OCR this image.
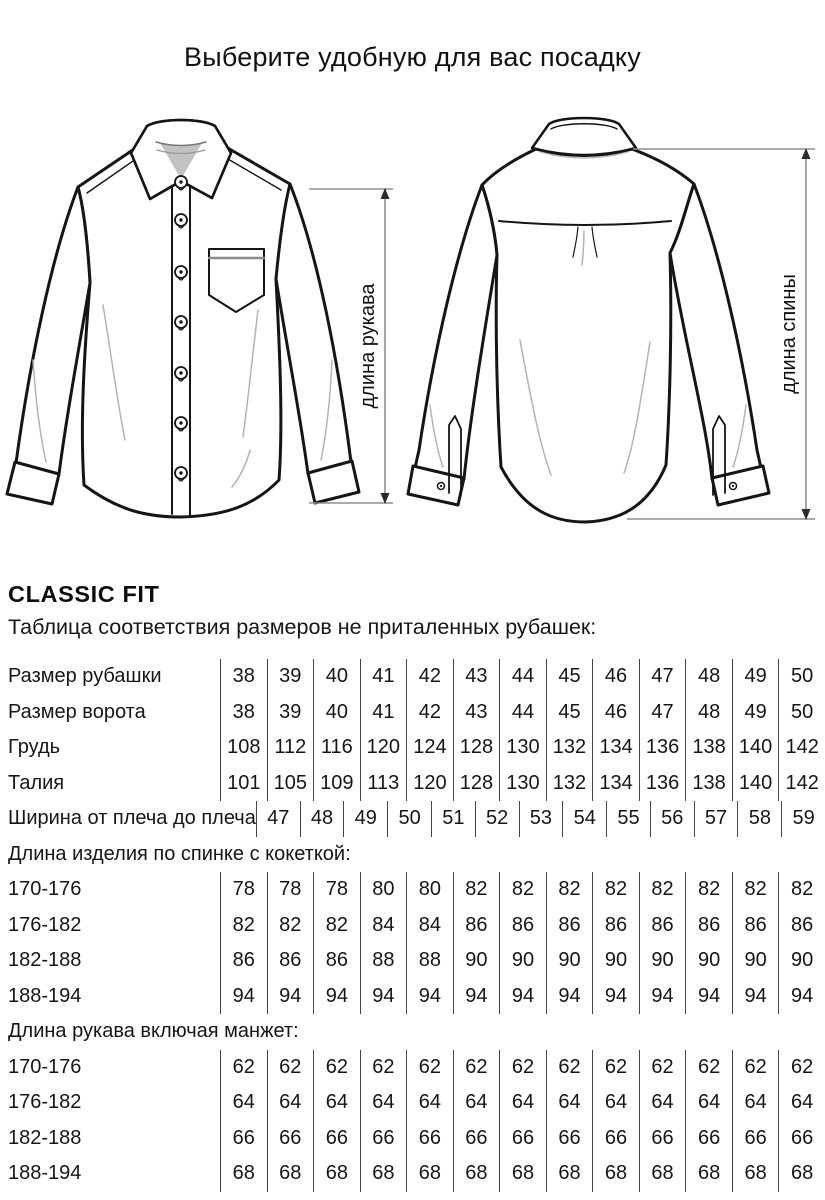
Выберите удобную для вас посадку
длина рукава	длина спины
CLASSIC FIT
Таблица соответствия размеров не приталенных рубашек:
Размер рубашки	38	39	40	41	42	43	44	45	46	47	48	49	50
Размер ворота	38	39	40	41	42	43	44	45	46	47	48	49	50
Грудь	108 112 116 120 124 128 130 132 134 136 138 140 142
Талия	101 105 109 113 120 128 130 132 134 136 138 140 142
Ширина от плеча до плеча 47	48	49	50	51	52	53	54	55	56	57	58	59
Длина изделия по спинке с кокеткой:
170-176	78	78	78	80	80	82	82	82	82	82	82	82	82
176-182	82	82	82	84	84	86	86	86	86	86	86	86	86
182-188	86	86	86	88	88	90	90	90	90	90	90	90	90
188-194	94	94	94	94	94	94	94	94	94	94	94	94	94
Длина рукава включая манжет:
170-176	62	62	62	62	62	62	62	62	62	62	62	62	62
176-182	64	64	64	64	64	64	64	64	64	64	64	64	64
182-188	66	66	66	66	66	66	66	66	66	66	66	66	66
188-194	68	68	68	68	68	68	68	68	68	68	68	68	68
